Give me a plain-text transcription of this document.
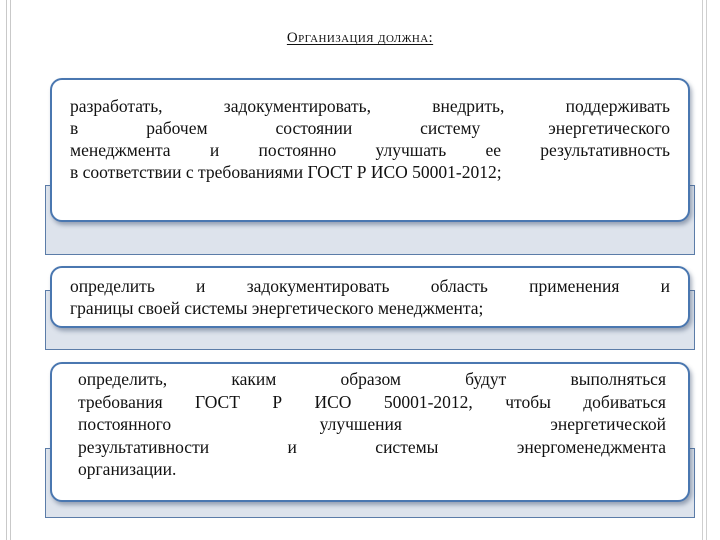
Организация должна:
разработать, задокументировать, внедрить, поддерживать
в рабочем состоянии систему энергетического
менеджмента и постоянно улучшать ее результативность
в соответствии с требованиями ГОСТ Р ИСО 50001-2012;
определить и задокументировать область применения и
границы своей системы энергетического менеджмента;
определить, каким образом будут выполняться
требования ГОСТ Р ИСО 50001-2012, чтобы добиваться
постоянного улучшения энергетической
результативности и системы энергоменеджмента
организации.
